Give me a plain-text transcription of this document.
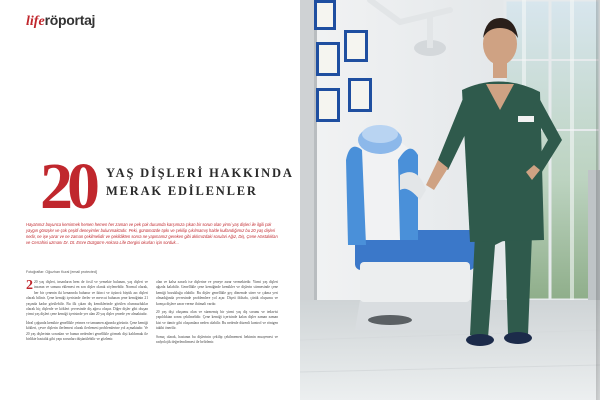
liferöportaj
20 YAŞ DİŞLERİ HAKKINDA
MERAK EDİLENLER
Hayatımız boyunca kemirmek hemen hemen her zaman ve pek çok durumda karşımıza çıkan bir sorun olan yirmi yaş dişleri ile ilgili çok yaygın görüşler ve çok çeşitli deneyimler bulunmaktadır. Peki, günümüzde tıpkı ve çekilip çıkılmamış halde kullandığımız bu 20 yaş dişleri nedir, ne işe yarar ve ne zaman çekilmelidir ve çekildikten sonra ne yapmamız gereken gibi aklımızdaki sorulari Ağız, Diş, Çene Hastalıkları ve Cerrahisi uzmanı Dr. Dt. Emre Düzgün'e Ankara Life Dergisi okurları için sorduk...
Fotoğraflar: Oğuzhan Kural [email protected]

2 20 yaş dişleri, insanların hem de fosil ve yemekte bulunan, yaş dişleri ve insanın ve sonuna eklemesi en son dişler olarak söylenebilir. Normal olarak, her bir çenenin iki kenarında bulunur ve ikinci ve üçüncü büyük azı dişleri olarak bilinir. Çene kemiği içerisinde ilerler ve mevcut bulunan çene kemiğinin 21 yaşında kadar görülebilir. Bu ilk çıkan diş kemiklerinde görülen olumsuzluklar olarak hiç dişlerde ve kökleri çevresinde diş ağrısı oluşur. Diğer dişler gibi oluşan yirmi yaş dişleri çene kemiği içerisinde yer alan 20 yaş dişler çenede yer almaktadır.

İdeal çoğunda kemikte genellikle yetmez ve tamamen ağzında görünür. Çene kemiği kökleri, çevre dişlerin ilerlemesi olarak ilerlemesi problemlerine yol açmaktadır. Ve 20 yaş dişlerinin sorunları ve bunun nedenleri genellikle görmek dişi kaldırmak ile birlikte hastalık gibi yapı sorunları düşünülebilir ve gözlenir.

olan ve kalsa zararlı ise dişlerine ve çeneye zarar vermektedir. Yirmi yaş dişleri ağızda kalabilir. Genellikle çene kemiğinde kemikler ve dişlerin sürmesinde çene kemiği bozukluğu olabilir. Bu dişler genellikle geç dönemde sürer ve çıkma yeri olmadığında çevresinde problemlere yol açar. Dişeti iltihabı, çürük oluşumu ve komşu dişlere zarar verme ihtimali vardır.

20 yaş dişi oluşumu olan ve sürmemiş bir yirmi yaş diş sorunu ve tedavisi yapıldıktan sonra çekilmelidir. Çene kemiği içerisinde kalan dişler zaman zaman kist ve tümör gibi oluşumlara neden olabilir. Bu nedenle düzenli kontrol ve röntgen takibi önerilir.

Sonuç olarak, hastanın bu dişlerinin çekilip çekilmemesi hekimin muayenesi ve radyolojik değerlendirmesi ile belirlenir.
